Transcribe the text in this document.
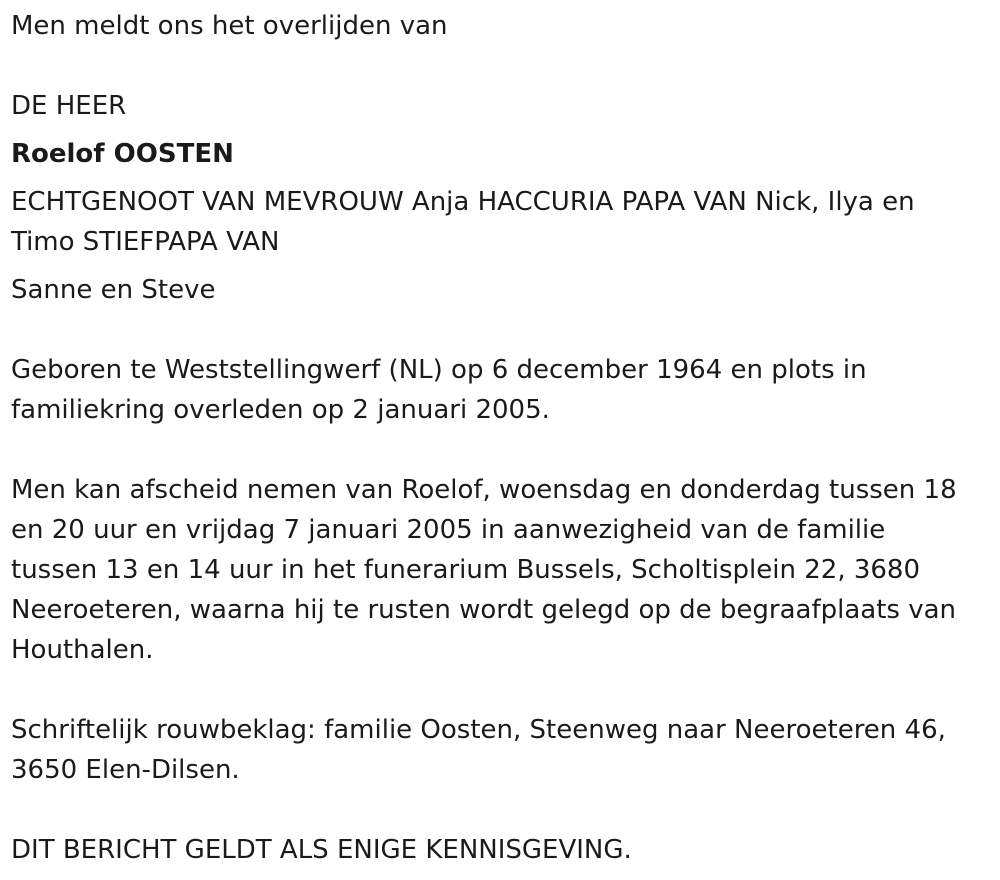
Men meldt ons het overlijden van

DE HEER

Roelof OOSTEN

ECHTGENOOT VAN MEVROUW Anja HACCURIA PAPA VAN Nick, Ilya en

Timo STIEFPAPA VAN

Sanne en Steve

Geboren te Weststellingwerf (NL) op 6 december 1964 en plots in

familiekring overleden op 2 januari 2005.

Men kan afscheid nemen van Roelof, woensdag en donderdag tussen 18

en 20 uur en vrijdag 7 januari 2005 in aanwezigheid van de familie

tussen 13 en 14 uur in het funerarium Bussels, Scholtisplein 22, 3680

Neeroeteren, waarna hij te rusten wordt gelegd op de begraafplaats van

Houthalen.

Schriftelijk rouwbeklag: familie Oosten, Steenweg naar Neeroeteren 46,

3650 Elen-Dilsen.

DIT BERICHT GELDT ALS ENIGE KENNISGEVING.
